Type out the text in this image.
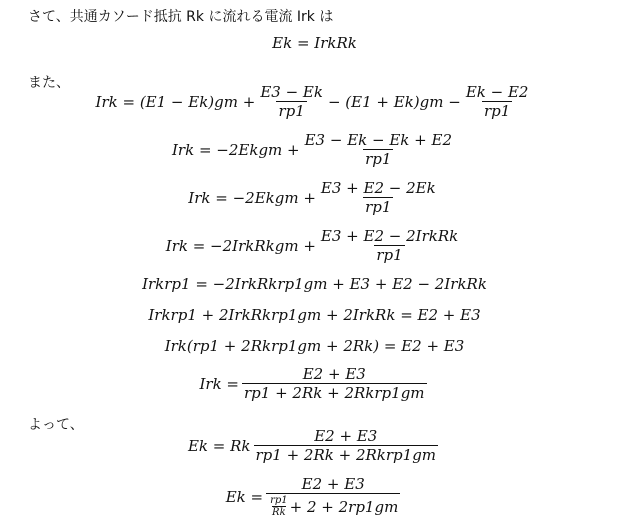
さて、共通カソード抵抗 Rk に流れる電流 Irk は
Ek = IrkRk
また、
Irk = $(E1 - Ek)gm + \frac{E3 - Ek}{rp1} - (E1 + Ek)gm - \frac{Ek - E2}{rp1}$
Irk = −2Ekgm + $\frac{E3 - Ek - Ek + E2}{rp1}$
Irk = −2Ekgm + $\frac{E3 + E2 - 2Ek}{rp1}$
Irk = −2IrkRkgm + $\frac{\text{E3 + E2 − 2IrkRk}}{rp1}$
Irkrp1 = −2IrkRkrp1gm + E3 + E2 − 2IrkRk
Irkrp1 + 2IrkRkrp1gm + 2IrkRk = E2 + E3
Irk(rp1 + 2Rkrp1gm + 2Rk) = E2 + E3
Irk = $\frac{E2 + E3}{\text{rp1 + 2Rk + 2Rkrp1gm}}$
よって、
Ek = Rk $\frac{E2 + E3}{\text{rp1 + 2Rk + 2Rkrp1gm}}$
$Ek = \frac{E2 + E3}{\frac{rp1}{Rk} + 2 + 2rp1gm}$
